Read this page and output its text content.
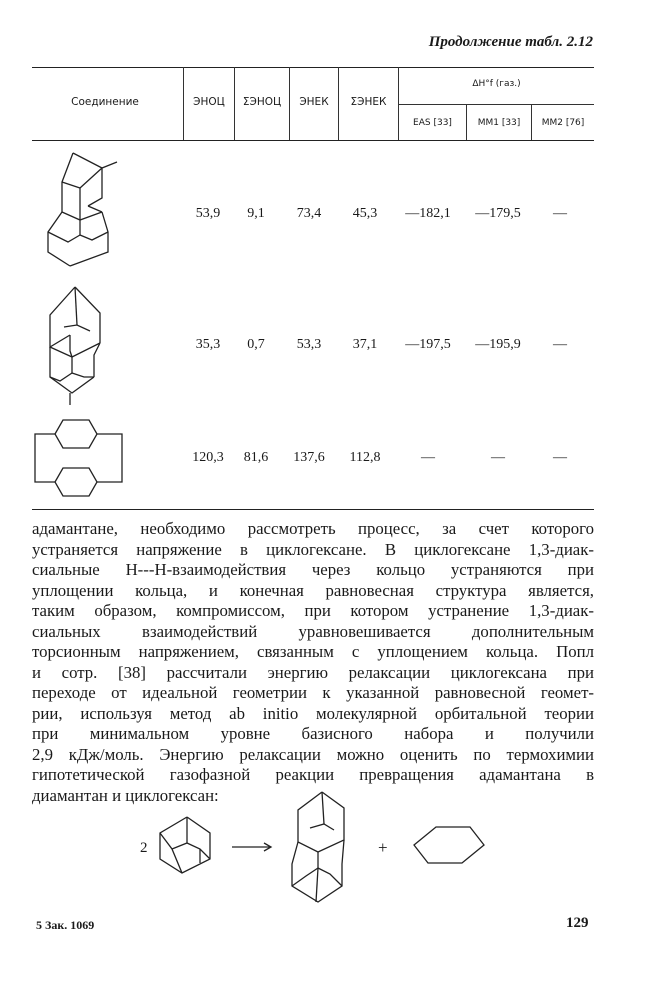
Продолжение табл. 2.12
Соединение	ЭНОЦ	ΣЭНОЦ	ЭНЕК	ΣЭНЕК
ΔH°f (газ.)
EAS [33]	MM1 [33]	MM2 [76]
53,9	9,1	73,4	45,3	—182,1	—179,5	—
35,3	0,7	53,3	37,1	—197,5	—195,9	—
120,3	81,6	137,6	112,8	—	—	—
адамантане, необходимо рассмотреть процесс, за счет которого
устраняется напряжение в циклогексане. В циклогексане 1,3-диак-
сиальные H---H-взаимодействия через кольцо устраняются при
уплощении кольца, и конечная равновесная структура является,
таким образом, компромиссом, при котором устранение 1,3-диак-
сиальных взаимодействий уравновешивается дополнительным
торсионным напряжением, связанным с уплощением кольца. Попл
и сотр. [38] рассчитали энергию релаксации циклогексана при
переходе от идеальной геометрии к указанной равновесной геомет-
рии, используя метод ab initio молекулярной орбитальной теории
при минимальном уровне базисного набора и получили
2,9 кДж/моль. Энергию релаксации можно оценить по термохимии
гипотетической газофазной реакции превращения адамантана в
диамантан и циклогексан:
2	+
5 Зак. 1069	129
